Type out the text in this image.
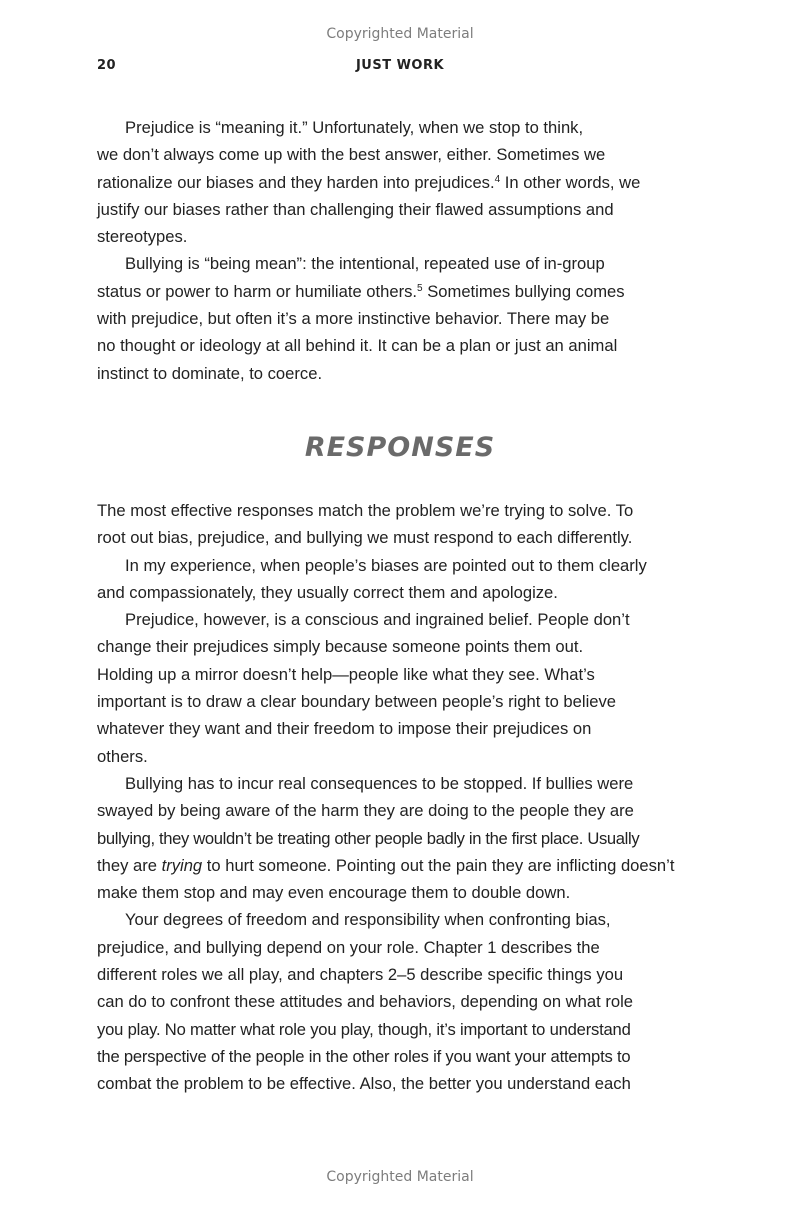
Copyrighted Material
20	JUST WORK
Prejudice is “meaning it.” Unfortunately, when we stop to think,
we don’t always come up with the best answer, either. Sometimes we
rationalize our biases and they harden into prejudices.$^4$ In other words, we
justify our biases rather than challenging their flawed assumptions and
stereotypes.
Bullying is “being mean”: the intentional, repeated use of in-group
status or power to harm or humiliate others.$^5$ Sometimes bullying comes
with prejudice, but often it’s a more instinctive behavior. There may be
no thought or ideology at all behind it. It can be a plan or just an animal
instinct to dominate, to coerce.
RESPONSES
The most effective responses match the problem we’re trying to solve. To
root out bias, prejudice, and bullying we must respond to each differently.
In my experience, when people’s biases are pointed out to them clearly
and compassionately, they usually correct them and apologize.
Prejudice, however, is a conscious and ingrained belief. People don’t
change their prejudices simply because someone points them out.
Holding up a mirror doesn’t help—people like what they see. What’s
important is to draw a clear boundary between people’s right to believe
whatever they want and their freedom to impose their prejudices on
others.
Bullying has to incur real consequences to be stopped. If bullies were
swayed by being aware of the harm they are doing to the people they are
bullying, they wouldn’t be treating other people badly in the first place. Usually
they are trying to hurt someone. Pointing out the pain they are inflicting doesn’t
make them stop and may even encourage them to double down.
Your degrees of freedom and responsibility when confronting bias,
prejudice, and bullying depend on your role. Chapter 1 describes the
different roles we all play, and chapters 2–5 describe specific things you
can do to confront these attitudes and behaviors, depending on what role
you play. No matter what role you play, though, it’s important to understand
the perspective of the people in the other roles if you want your attempts to
combat the problem to be effective. Also, the better you understand each
Copyrighted Material
